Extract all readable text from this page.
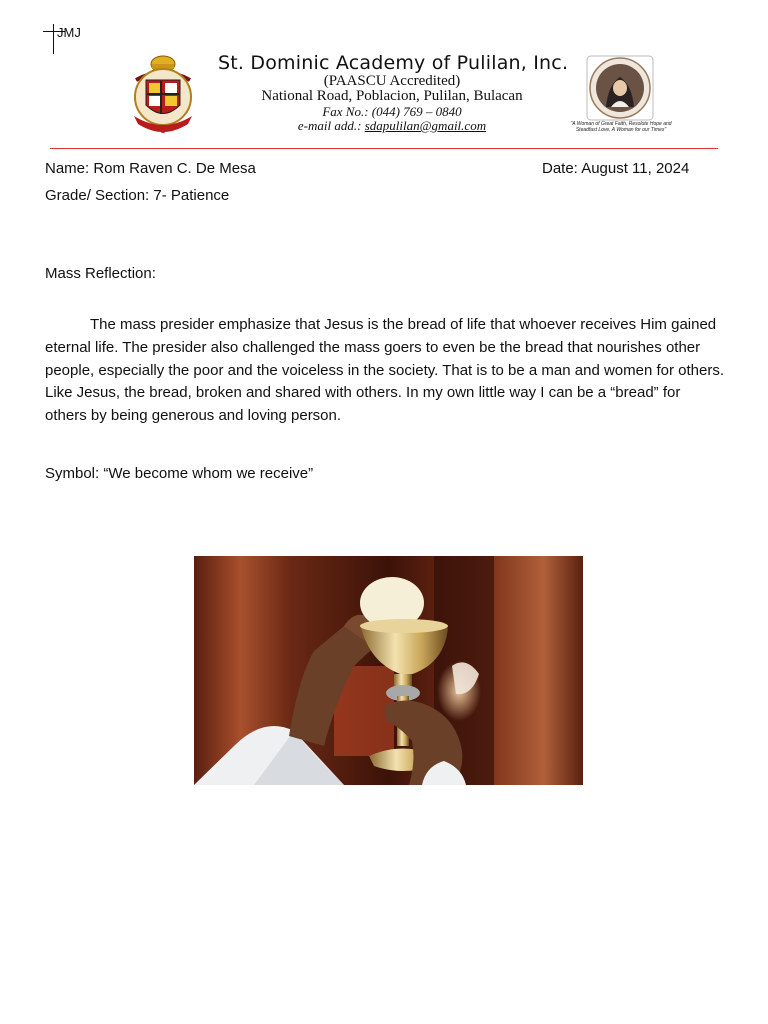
JMJ
St. Dominic Academy of Pulilan, Inc.
(PAASCU Accredited)
National Road, Poblacion, Pulilan, Bulacan
Fax No.: (044) 769 – 0840
e-mail add.: sdapulilan@gmail.com	"A Woman of Great Faith, Resolute Hope and Steadfast Love, A Woman for our Times"
Name: Rom Raven C. De Mesa	Date: August 11, 2024
Grade/ Section: 7- Patience
Mass Reflection:
The mass presider emphasize that Jesus is the bread of life that whoever receives Him gained eternal life. The presider also challenged the mass goers to even be the bread that nourishes other people, especially the poor and the voiceless in the society. That is to be a man and women for others. Like Jesus, the bread, broken and shared with others. In my own little way I can be a “bread” for others by being generous and loving person.
Symbol: “We become whom we receive”
